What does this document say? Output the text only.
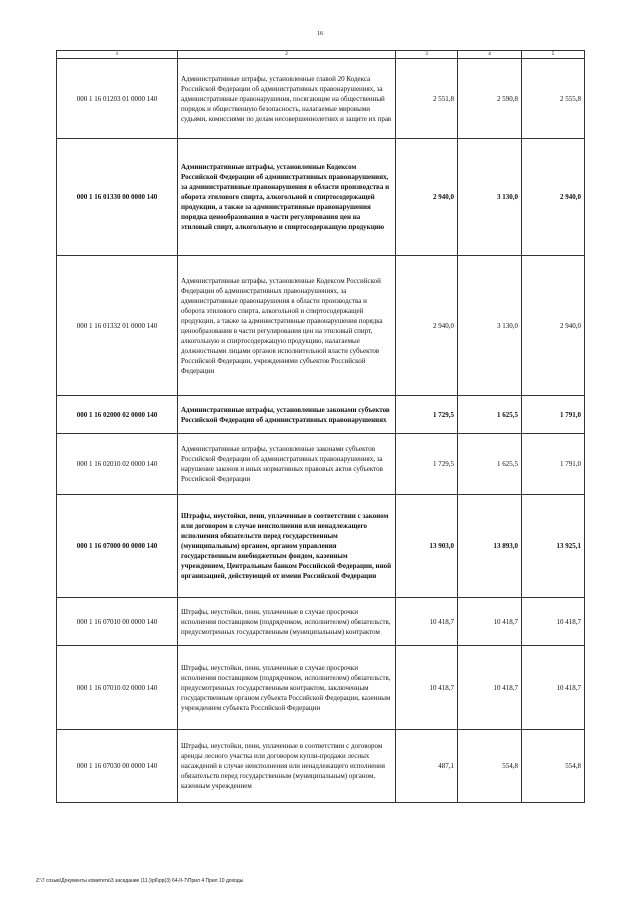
16
1	2	3	4	5
000 1 16 01203 01 0000 140	Административные штрафы, установленные главой 20 Кодекса Российской Федерации об административных правонарушениях, за административные правонарушения, посягающие на общественный порядок и общественную безопасность, налагаемые мировыми судьями, комиссиями по делам несовершеннолетних и защите их прав	2 551,8	2 590,8	2 555,8
000 1 16 01330 00 0000 140	Административные штрафы, установленные Кодексом Российской Федерации об административных правонарушениях, за административные правонарушения в области производства и оборота этилового спирта, алкогольной и спиртосодержащей продукции, а также за административные правонарушения порядка ценообразования в части регулирования цен на этиловый спирт, алкогольную и спиртосодержащую продукцию	2 940,0	3 130,0	2 940,0
000 1 16 01332 01 0000 140	Административные штрафы, установленные Кодексом Российской Федерации об административных правонарушениях, за административные правонарушения в области производства и оборота этилового спирта, алкогольной и спиртосодержащей продукции, а также за административные правонарушения порядка ценообразования в части регулирования цен на этиловый спирт, алкогольную и спиртосодержащую продукцию, налагаемые должностными лицами органов исполнительной власти субъектов Российской Федерации, учреждениями субъектов Российской Федерации	2 940,0	3 130,0	2 940,0
000 1 16 02000 02 0000 140	Административные штрафы, установленные законами субъектов Российской Федерации об административных правонарушениях	1 729,5	1 625,5	1 791,0
000 1 16 02010 02 0000 140	Административные штрафы, установленные законами субъектов Российской Федерации об административных правонарушениях, за нарушение законов и иных нормативных правовых актов субъектов Российской Федерации	1 729,5	1 625,5	1 791,0
000 1 16 07000 00 0000 140	Штрафы, неустойки, пени, уплаченные в соответствии с законом или договором в случае неисполнения или ненадлежащего исполнения обязательств перед государственным (муниципальным) органом, органом управления государственным внебюджетным фондом, казенным учреждением, Центральным банком Российской Федерации, иной организацией, действующей от имени Российской Федерации	13 903,0	13 893,0	13 925,1
000 1 16 07010 00 0000 140	Штрафы, неустойки, пени, уплаченные в случае просрочки исполнения поставщиком (подрядчиком, исполнителем) обязательств, предусмотренных государственным (муниципальным) контрактом	10 418,7	10 418,7	10 418,7
000 1 16 07010 02 0000 140	Штрафы, неустойки, пени, уплаченные в случае просрочки исполнения поставщиком (подрядчиком, исполнителем) обязательств, предусмотренных государственным контрактом, заключенным государственным органом субъекта Российской Федерации, казенным учреждением субъекта Российской Федерации	10 418,7	10 418,7	10 418,7
000 1 16 07030 00 0000 140	Штрафы, неустойки, пени, уплаченные в соответствии с договором аренды лесного участка или договором купли-продажи лесных насаждений в случае неисполнения или ненадлежащего исполнения обязательств перед государственным (муниципальным) органом, казенным учреждением	487,1	554,8	554,8
Z:\7 созыв\Документы комитета\3 заседание (11.)\р6\рр(3) 64-II-7\Прил 4 Прил 10 доходы
